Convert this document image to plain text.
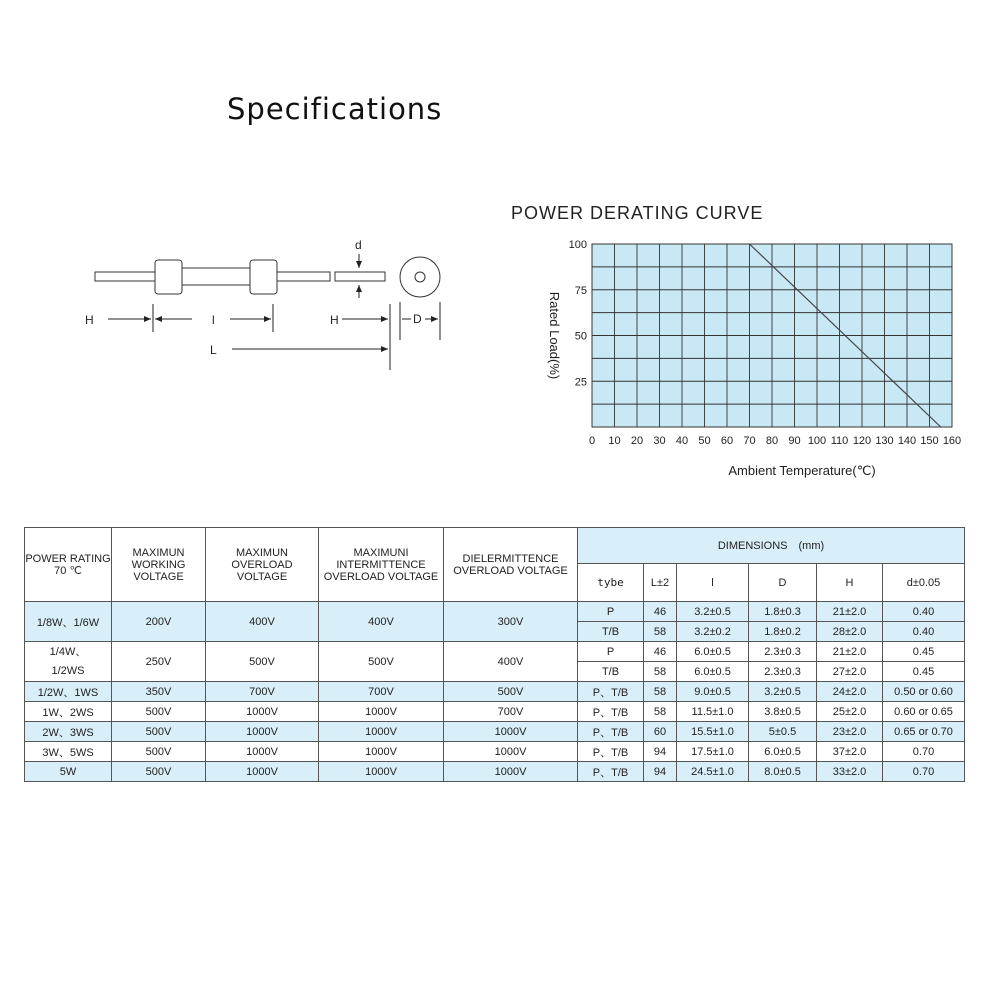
Specifications
d
H	l	H	D
L
POWER DERATING CURVE
25
50
75
100
0 10 20 30 40 50 60 70 80 90 100 110 120 130 140 150 160
Rated Load(%)
Ambient Temperature(℃)
POWER RATING 70 ℃	MAXIMUN WORKING VOLTAGE	MAXIMUN OVERLOAD VOLTAGE	MAXIMUNI INTERMITTENCE OVERLOAD VOLTAGE	DIELERMITTENCE OVERLOAD VOLTAGE	DIMENSIONS　(mm)					
					tybe	L±2	l	D	H	d±0.05
1/8W、1/6W	200V	400V	400V	300V	P	46	3.2±0.5	1.8±0.3	21±2.0	0.40
					T/B	58	3.2±0.2	1.8±0.2	28±2.0	0.40

1/4W、
1/2WS	250V	500V	500V	400V	P	46	6.0±0.5	2.3±0.3	21±2.0	0.45
					T/B	58	6.0±0.5	2.3±0.3	27±2.0	0.45
1/2W、1WS	350V	700V	700V	500V	P、T/B	58	9.0±0.5	3.2±0.5	24±2.0	0.50 or 0.60
1W、2WS	500V	1000V	1000V	700V	P、T/B	58	11.5±1.0	3.8±0.5	25±2.0	0.60 or 0.65
2W、3WS	500V	1000V	1000V	1000V	P、T/B	60	15.5±1.0	5±0.5	23±2.0	0.65 or 0.70
3W、5WS	500V	1000V	1000V	1000V	P、T/B	94	17.5±1.0	6.0±0.5	37±2.0	0.70
5W	500V	1000V	1000V	1000V	P、T/B	94	24.5±1.0	8.0±0.5	33±2.0	0.70
